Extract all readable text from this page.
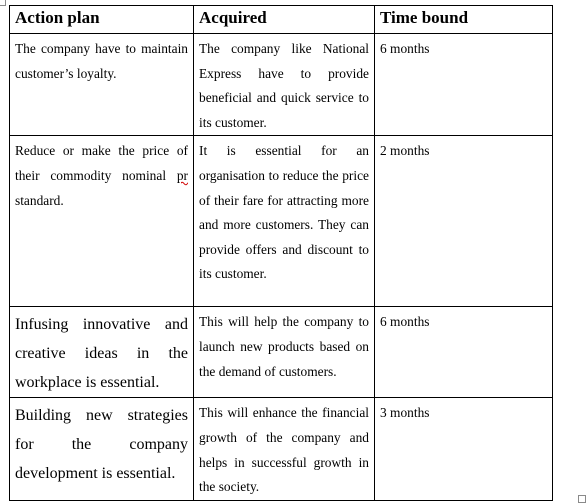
Action plan	Acquired	Time bound
The company have to maintain customer’s loyalty.	The company like National Express have to provide beneficial and quick service to its customer.	6 months
Reduce or make the price of their commodity nominal pr standard.	It is essential for an organisation to reduce the price of their fare for attracting more and more customers. They can provide offers and discount to its customer.	2 months
Infusing innovative and creative ideas in the workplace is essential.	This will help the company to launch new products based on the demand of customers.	6 months
Building new strategies for the company development is essential.	This will enhance the financial growth of the company and helps in successful growth in the society.	3 months
